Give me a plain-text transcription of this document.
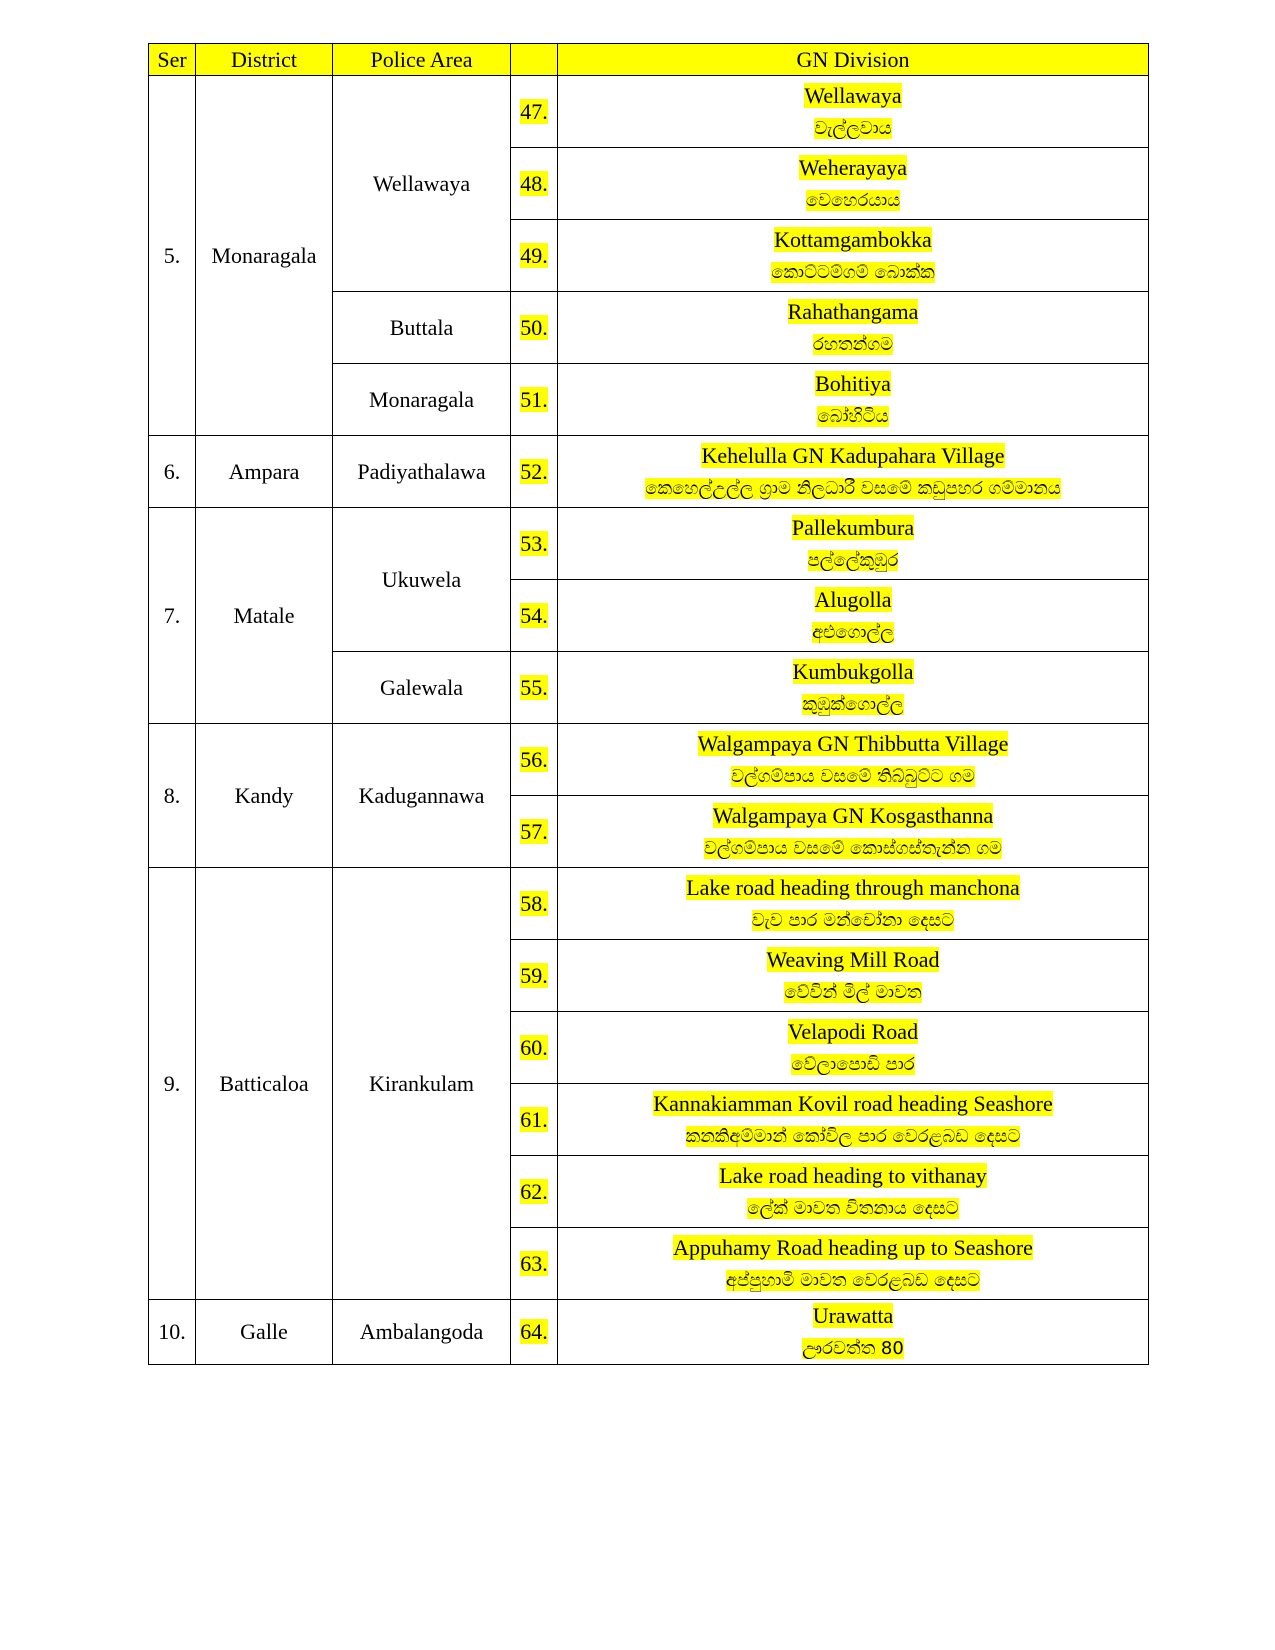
Ser	District	Police Area		GN Division
5.	Monaragala	Wellawaya	47.	Wellawaya
වැල්ලවාය
			48.	Weherayaya
වෙහෙරයාය
			49.	Kottamgambokka
කොට්ටම්ගම් බොක්ක
		Buttala	50.	Rahathangama
රහතන්ගම
		Monaragala	51.	Bohitiya
බෝහිටිය
6.	Ampara	Padiyathalawa	52.	Kehelulla GN Kadupahara Village
කෙහෙල්උල්ල ග්‍රාම නිලධාරී වසමේ කඩුපහර ගම්මානය
7.	Matale	Ukuwela	53.	Pallekumbura
පල්ලේකුඹුර
			54.	Alugolla
අළුගොල්ල
		Galewala	55.	Kumbukgolla
කුඹුක්ගොල්ල
8.	Kandy	Kadugannawa	56.	Walgampaya GN Thibbutta Village
වල්ගම්පාය වසමේ තිබ්බුට්ට ගම
			57.	Walgampaya GN Kosgasthanna
වල්ගම්පාය වසමේ කොස්ගස්තැන්න ගම
9.	Batticaloa	Kirankulam	58.	Lake road heading through manchona
වැව පාර මන්චෝනා දෙසට
			59.	Weaving Mill Road
වේවින් මිල් මාවත
			60.	Velapodi Road
වේලාපොඩි පාර
			61.	Kannakiamman Kovil road heading Seashore
කනකිඅම්මාන් කෝවිල පාර වෙරළබඩ දෙසට
			62.	Lake road heading to vithanay
ලේක් මාවත විතනාය දෙසට
			63.	Appuhamy Road heading up to Seashore
අප්පුහාමි මාවත වෙරළබඩ දෙසට
10.	Galle	Ambalangoda	64.	Urawatta
ඌරවත්ත 80
